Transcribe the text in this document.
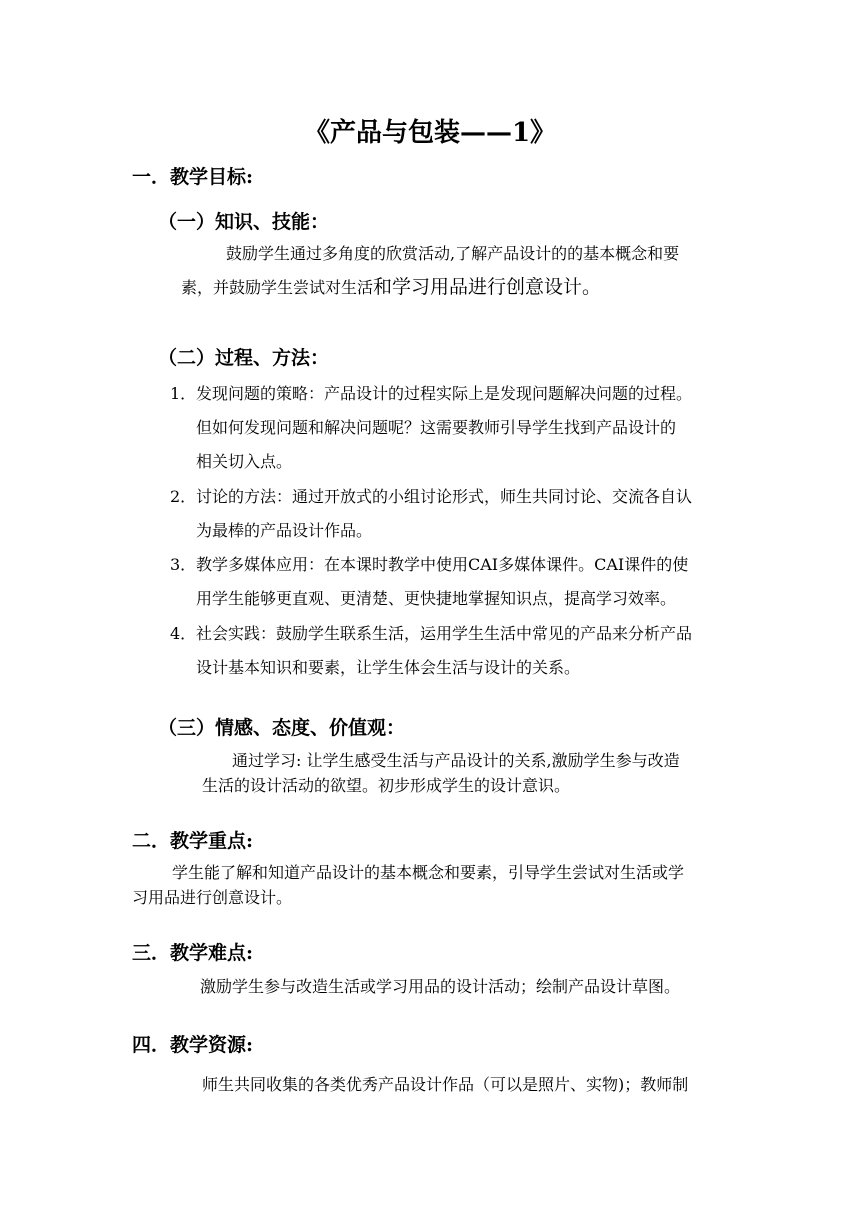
《产品与包装——1》
一．教学目标:
（一）知识、技能：
鼓励学生通过多角度的欣赏活动,了解产品设计的的基本概念和要
素，并鼓励学生尝试对生活和学习用品进行创意设计。
（二）过程、方法：
1． 发现问题的策略：产品设计的过程实际上是发现问题解决问题的过程。
但如何发现问题和解决问题呢？这需要教师引导学生找到产品设计的
相关切入点。
2． 讨论的方法：通过开放式的小组讨论形式，师生共同讨论、交流各自认
为最棒的产品设计作品。
3． 教学多媒体应用：在本课时教学中使用CAI多媒体课件。CAI课件的使
用学生能够更直观、更清楚、更快捷地掌握知识点，提高学习效率。
4． 社会实践：鼓励学生联系生活，运用学生生活中常见的产品来分析产品
设计基本知识和要素，让学生体会生活与设计的关系。
（三）情感、态度、价值观：
通过学习: 让学生感受生活与产品设计的关系,激励学生参与改造
生活的设计活动的欲望。初步形成学生的设计意识。
二．教学重点:
学生能了解和知道产品设计的基本概念和要素，引导学生尝试对生活或学
习用品进行创意设计。
三．教学难点:
激励学生参与改造生活或学习用品的设计活动；绘制产品设计草图。
四．教学资源:
师生共同收集的各类优秀产品设计作品（可以是照片、实物)；教师制
